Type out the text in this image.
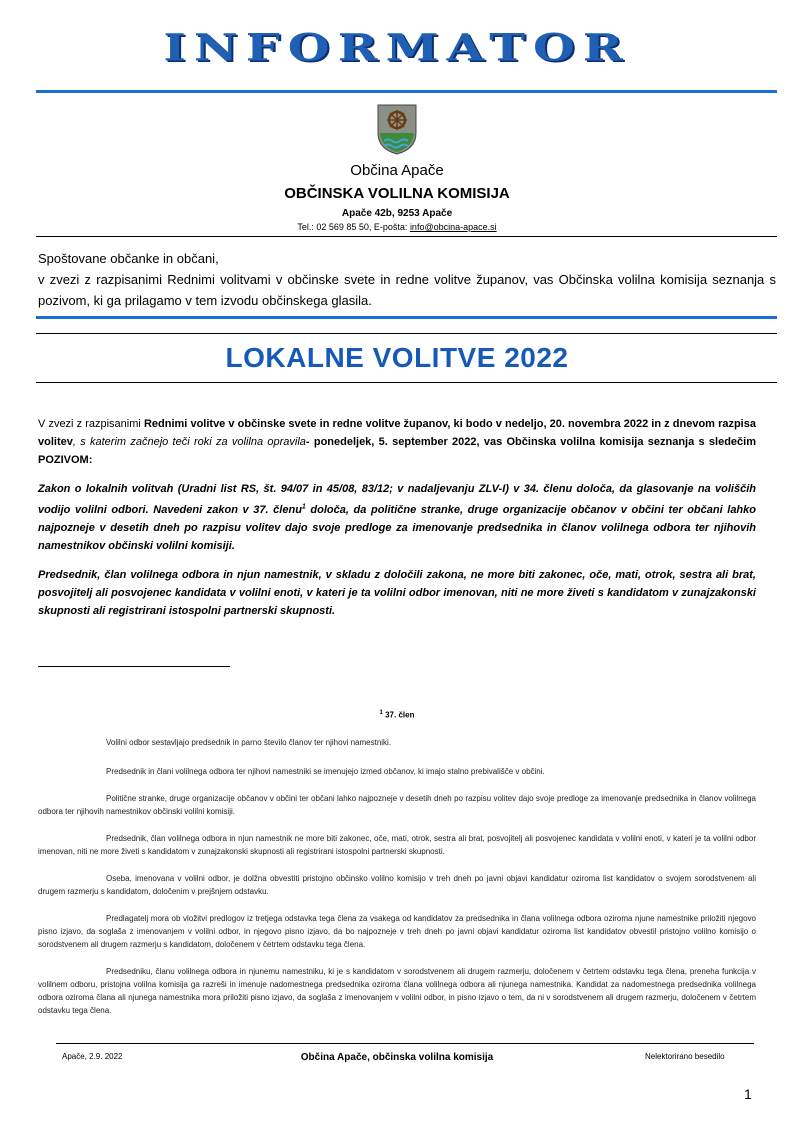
INFORMATOR
Občina Apače
OBČINSKA VOLILNA KOMISIJA
Apače 42b, 9253 Apače
Tel.: 02 569 85 50, E-pošta: info@obcina-apace.si

Spoštovane občanke in občani,

v zvezi z razpisanimi Rednimi volitvami v občinske svete in redne volitve županov, vas Občinska volilna komisija seznanja s pozivom, ki ga prilagamo v tem izvodu občinskega glasila.

LOKALNE VOLITVE 2022

V zvezi z razpisanimi Rednimi volitve v občinske svete in redne volitve županov, ki bodo v nedeljo, 20. novembra 2022 in z dnevom razpisa volitev, s katerim začnejo teči roki za volilna opravila- ponedeljek, 5. september 2022, vas Občinska volilna komisija seznanja s sledečim POZIVOM:

Zakon o lokalnih volitvah (Uradni list RS, št. 94/07 in 45/08, 83/12; v nadaljevanju ZLV-I) v 34. členu določa, da glasovanje na voliščih vodijo volilni odbori. Navedeni zakon v 37. členu$^1$ določa, da politične stranke, druge organizacije občanov v občini ter občani lahko najpozneje v desetih dneh po razpisu volitev dajo svoje predloge za imenovanje predsednika in članov volilnega odbora ter njihovih namestnikov občinski volilni komisiji.

Predsednik, član volilnega odbora in njun namestnik, v skladu z določili zakona, ne more biti zakonec, oče, mati, otrok, sestra ali brat, posvojitelj ali posvojenec kandidata v volilni enoti, v kateri je ta volilni odbor imenovan, niti ne more živeti s kandidatom v zunajzakonski skupnosti ali registrirani istospolni partnerski skupnosti.

$^1$ 37. člen
Volilni odbor sestavljajo predsednik in parno število članov ter njihovi namestniki.
Predsednik in člani volilnega odbora ter njihovi namestniki se imenujejo izmed občanov, ki imajo stalno prebivališče v občini.
Politične stranke, druge organizacije občanov v občini ter občani lahko najpozneje v desetih dneh po razpisu volitev dajo svoje predloge za imenovanje predsednika in članov volilnega odbora ter njihovih namestnikov občinski volilni komisiji.
Predsednik, član volilnega odbora in njun namestnik ne more biti zakonec, oče, mati, otrok, sestra ali brat, posvojitelj ali posvojenec kandidata v volilni enoti, v kateri je ta volilni odbor imenovan, niti ne more živeti s kandidatom v zunajzakonski skupnosti ali registrirani istospolni partnerski skupnosti.
Oseba, imenovana v volilni odbor, je dolžna obvestiti pristojno občinsko volilno komisijo v treh dneh po javni objavi kandidatur oziroma list kandidatov o svojem sorodstvenem ali drugem razmerju s kandidatom, določenim v prejšnjem odstavku.
Predlagatelj mora ob vložitvi predlogov iz tretjega odstavka tega člena za vsakega od kandidatov za predsednika in člana volilnega odbora oziroma njune namestnike priložiti njegovo pisno izjavo, da soglaša z imenovanjem v volilni odbor, in njegovo pisno izjavo, da bo najpozneje v treh dneh po javni objavi kandidatur oziroma list kandidatov obvestil pristojno volilno komisijo o sorodstvenem ali drugem razmerju s kandidatom, določenem v četrtem odstavku tega člena.
Predsedniku, članu volilnega odbora in njunemu namestniku, ki je s kandidatom v sorodstvenem ali drugem razmerju, določenem v četrtem odstavku tega člena, preneha funkcija v volilnem odboru, pristojna volilna komisija ga razreši in imenuje nadomestnega predsednika oziroma člana volilnega odbora ali njunega namestnika. Kandidat za nadomestnega predsednika volilnega odbora oziroma člana ali njunega namestnika mora priložiti pisno izjavo, da soglaša z imenovanjem v volilni odbor, in pisno izjavo o tem, da ni v sorodstvenem ali drugem razmerju, določenem v četrtem odstavku tega člena.
Apače, 2.9. 2022	Občina Apače, občinska volilna komisija	Nelektorirano besedilo
1
